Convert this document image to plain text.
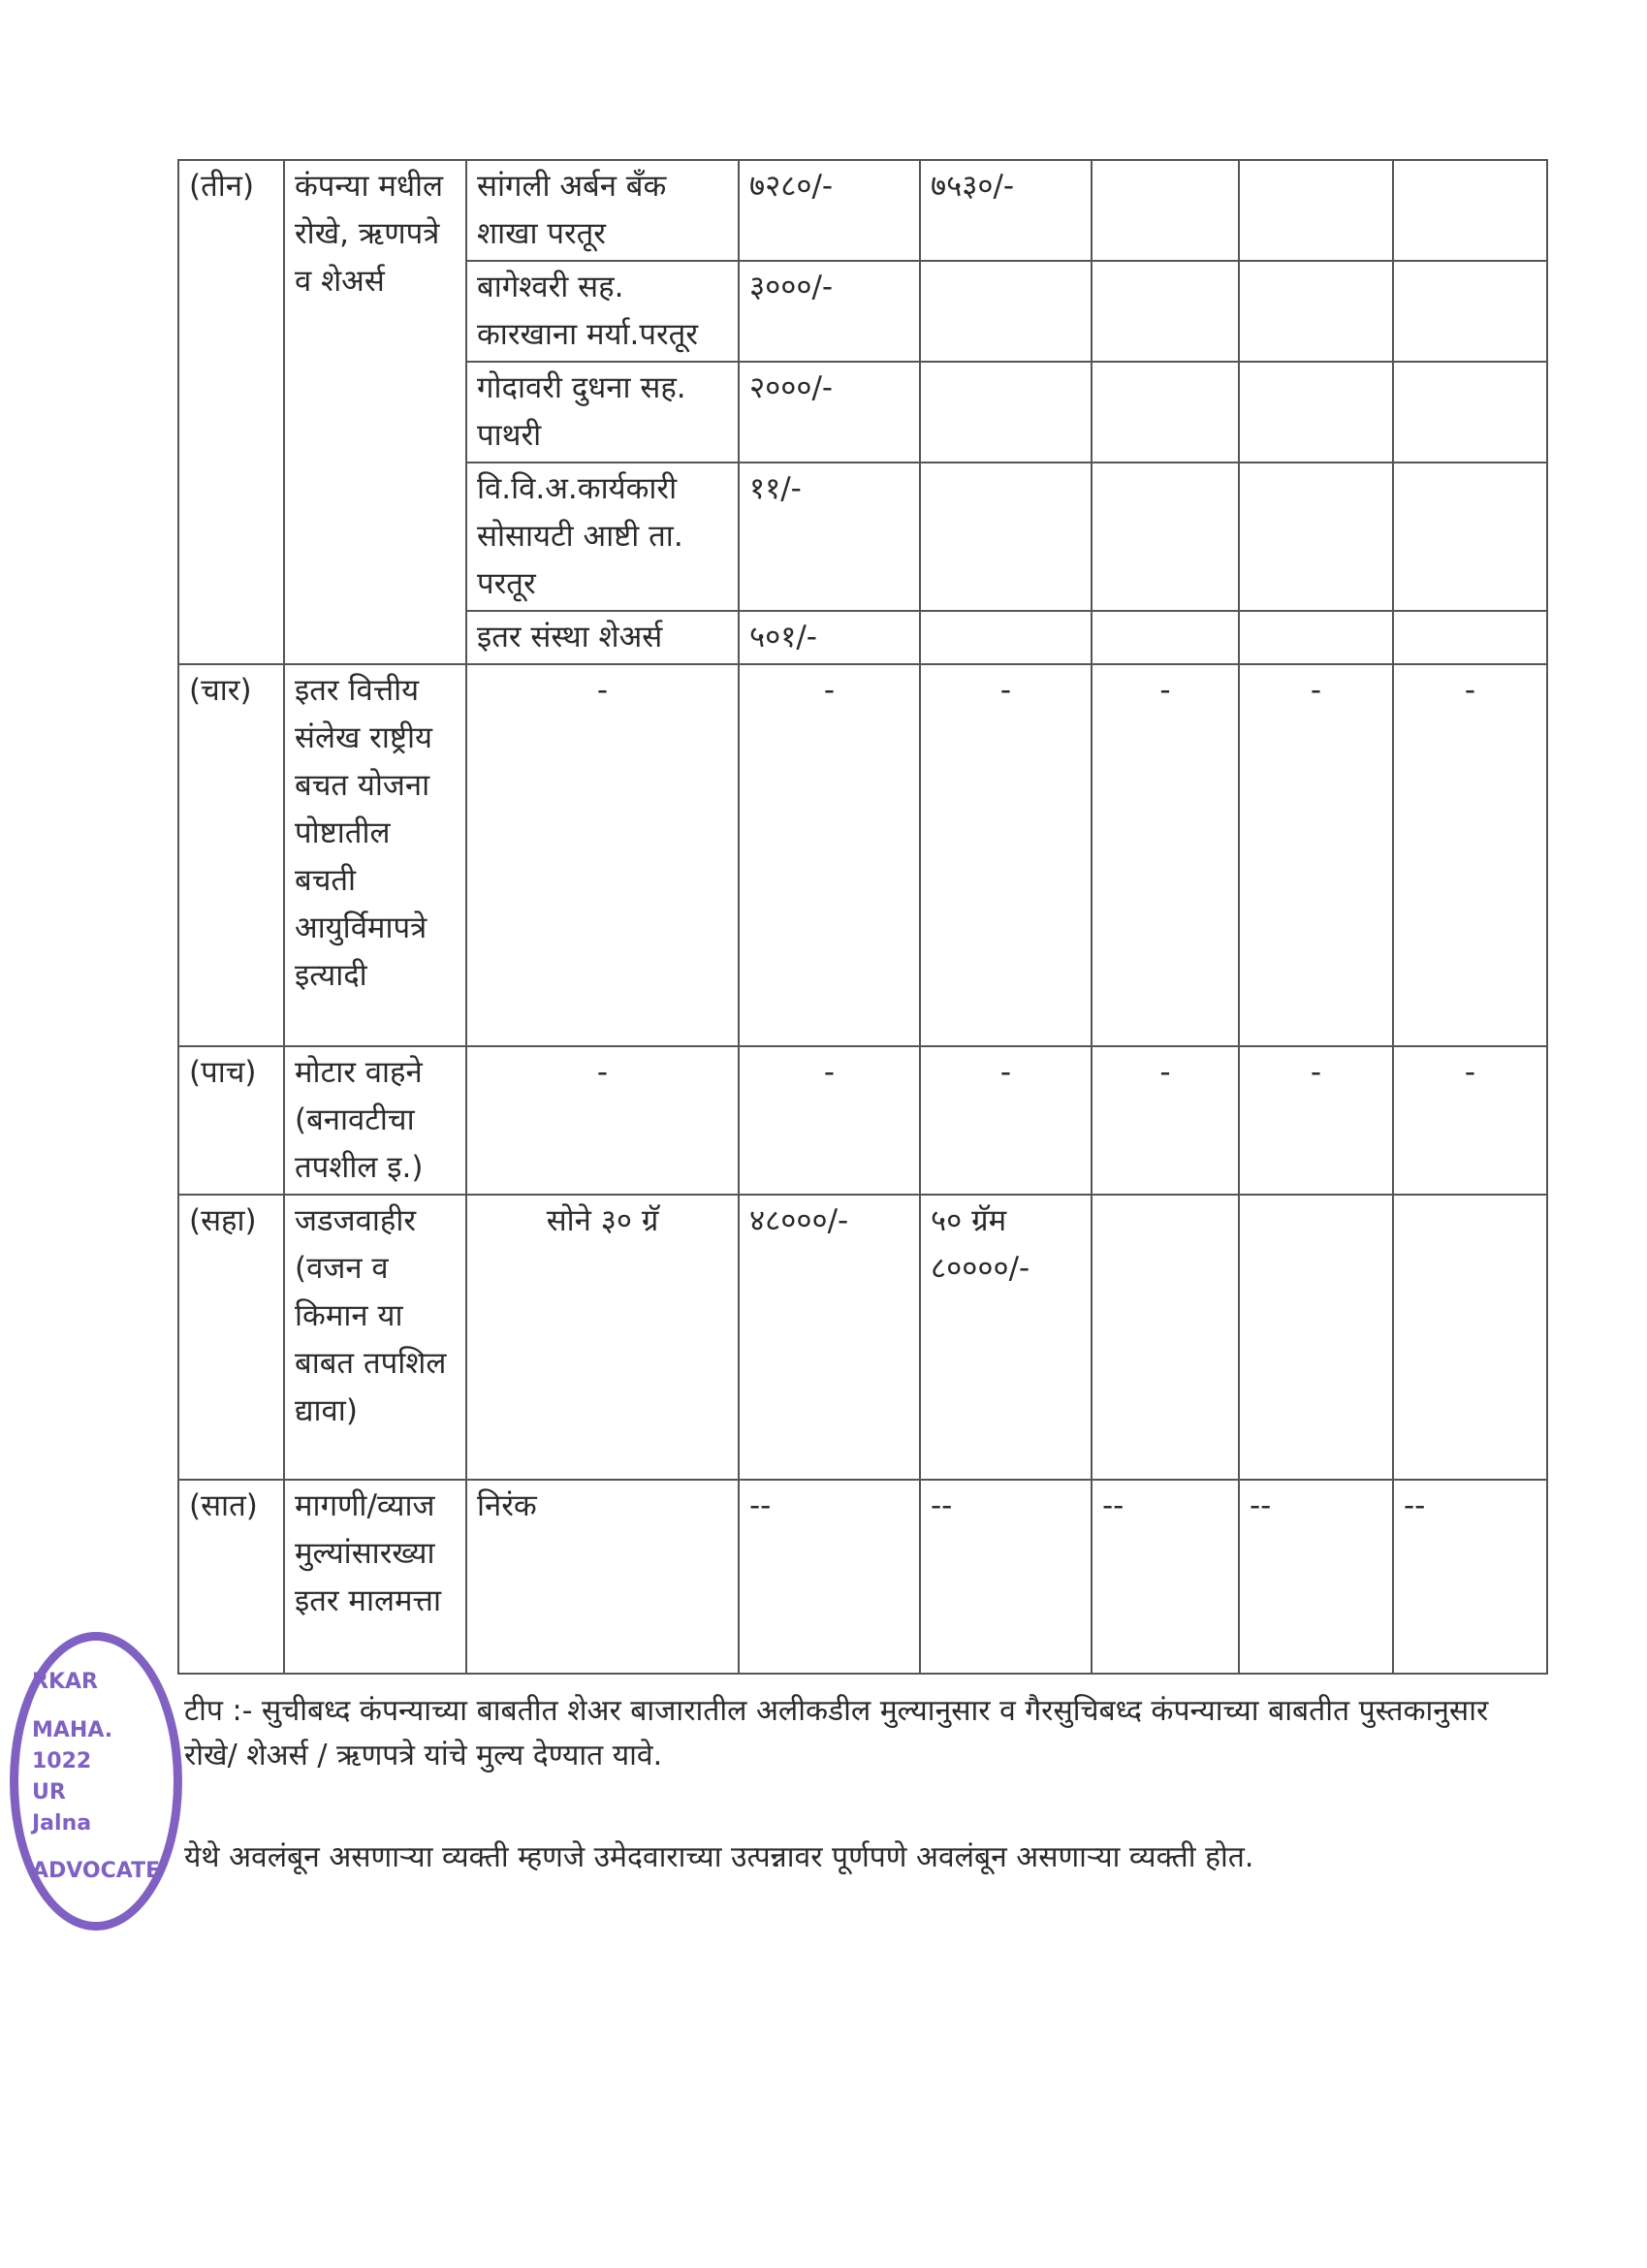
(तीन)	कंपन्या मधील रोखे, ऋणपत्रे व शेअर्स	सांगली अर्बन बँक शाखा परतूर	७२८०/-	७५३०/-			
		बागेश्वरी सह. कारखाना मर्या.परतूर	३०००/-				
		गोदावरी दुधना सह. पाथरी	२०००/-				
		वि.वि.अ.कार्यकारी सोसायटी आष्टी ता. परतूर	११/-				
		इतर संस्था शेअर्स	५०१/-				
(चार)	इतर वित्तीय संलेख राष्ट्रीय बचत योजना पोष्टातील बचती आयुर्विमापत्रे इत्यादी	-	-	-	-	-	-
(पाच)	मोटार वाहने (बनावटीचा तपशील इ.)	-	-	-	-	-	-
(सहा)	जडजवाहीर (वजन व किमान या बाबत तपशिल द्यावा)	सोने ३० ग्रॅ	४८०००/-	५० ग्रॅम ८००००/-			
(सात)	मागणी/व्याज मुल्यांसारख्या इतर मालमत्ता	निरंक	--	--	--	--	--
टीप :- सुचीबध्द कंपन्याच्या बाबतीत शेअर बाजारातील अलीकडील मुल्यानुसार व गैरसुचिबध्द कंपन्याच्या बाबतीत पुस्तकानुसार रोखे/ शेअर्स / ऋणपत्रे यांचे मुल्य देण्यात यावे.
येथे अवलंबून असणाऱ्या व्यक्ती म्हणजे उमेदवाराच्या उत्पन्नावर पूर्णपणे अवलंबून असणाऱ्या व्यक्ती होत.
RKAR
MAHA.
1022
UR
Jalna
ADVOCATE
